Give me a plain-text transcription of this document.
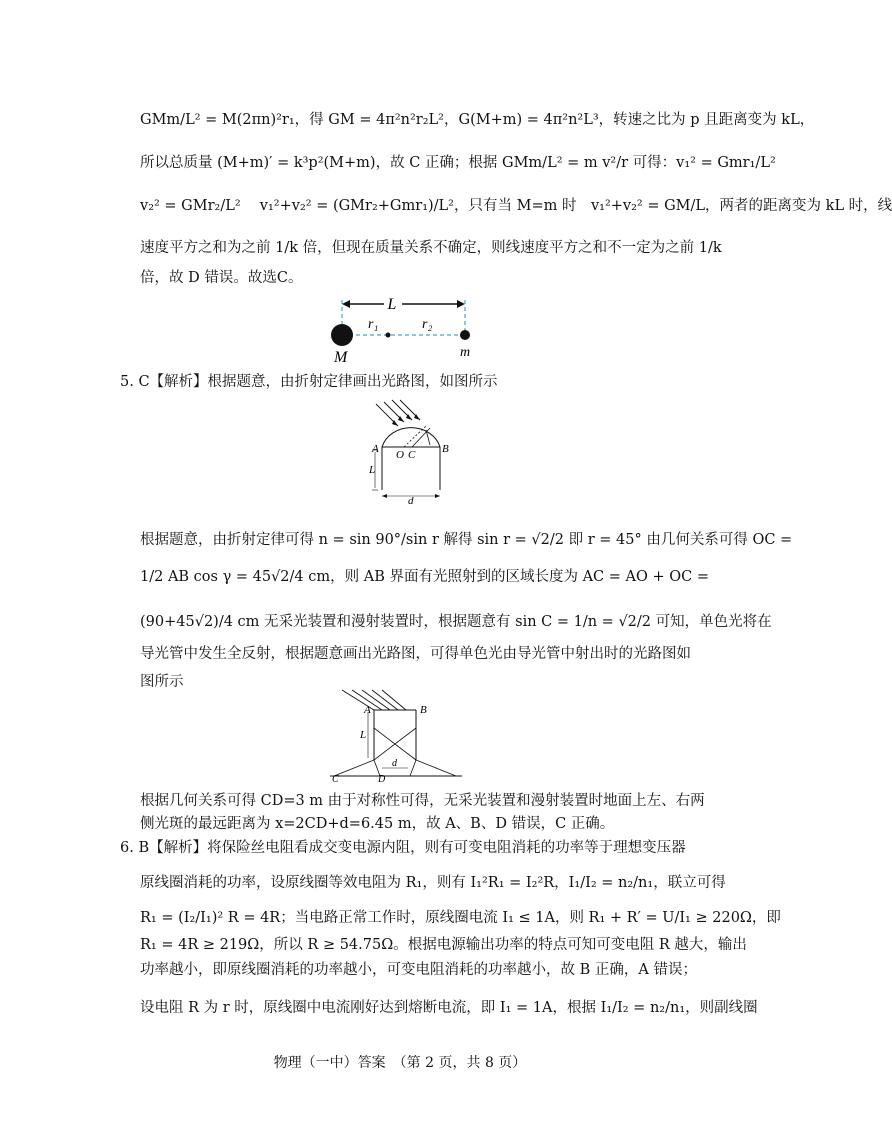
GMm/L² = M(2πn)²r₁，得 GM = 4π²n²r₂L²，G(M+m) = 4π²n²L³，转速之比为 p 且距离变为 kL，
所以总质量 (M+m)′ = k³p²(M+m)，故 C 正确；根据 GMm/L² = m v²/r 可得：v₁² = Gmr₁/L²
v₂² = GMr₂/L²　 v₁²+v₂² = (GMr₂+Gmr₁)/L²，只有当 M=m 时　v₁²+v₂² = GM/L，两者的距离变为 kL 时，线
速度平方之和为之前 1/k 倍，但现在质量关系不确定，则线速度平方之和不一定为之前 1/k
倍，故 D 错误。故选C。
L
r₁	r₂
M	m
5. C【解析】根据题意，由折射定律画出光路图，如图所示
A O C B
L
d
根据题意，由折射定律可得 n = sin 90°/sin r 解得 sin r = √2/2 即 r = 45° 由几何关系可得 OC =
1/2 AB cos γ = 45√2/4 cm，则 AB 界面有光照射到的区域长度为 AC = AO + OC =
(90+45√2)/4 cm 无采光装置和漫射装置时，根据题意有 sin C = 1/n = √2/2 可知，单色光将在
导光管中发生全反射，根据题意画出光路图，可得单色光由导光管中射出时的光路图如
图所示
A	B
L
C	D
d
根据几何关系可得 CD=3 m 由于对称性可得，无采光装置和漫射装置时地面上左、右两
侧光斑的最远距离为 x=2CD+d=6.45 m，故 A、B、D 错误，C 正确。
6. B【解析】将保险丝电阻看成交变电源内阻，则有可变电阻消耗的功率等于理想变压器
原线圈消耗的功率，设原线圈等效电阻为 R₁，则有 I₁²R₁ = I₂²R，I₁/I₂ = n₂/n₁，联立可得
R₁ = (I₂/I₁)² R = 4R；当电路正常工作时，原线圈电流 I₁ ≤ 1A，则 R₁ + R′ = U/I₁ ≥ 220Ω，即
R₁ = 4R ≥ 219Ω，所以 R ≥ 54.75Ω。根据电源输出功率的特点可知可变电阻 R 越大，输出
功率越小，即原线圈消耗的功率越小，可变电阻消耗的功率越小，故 B 正确，A 错误；
设电阻 R 为 r 时，原线圈中电流刚好达到熔断电流，即 I₁ = 1A，根据 I₁/I₂ = n₂/n₁，则副线圈
物理（一中）答案　（第 2 页，共 8 页）
